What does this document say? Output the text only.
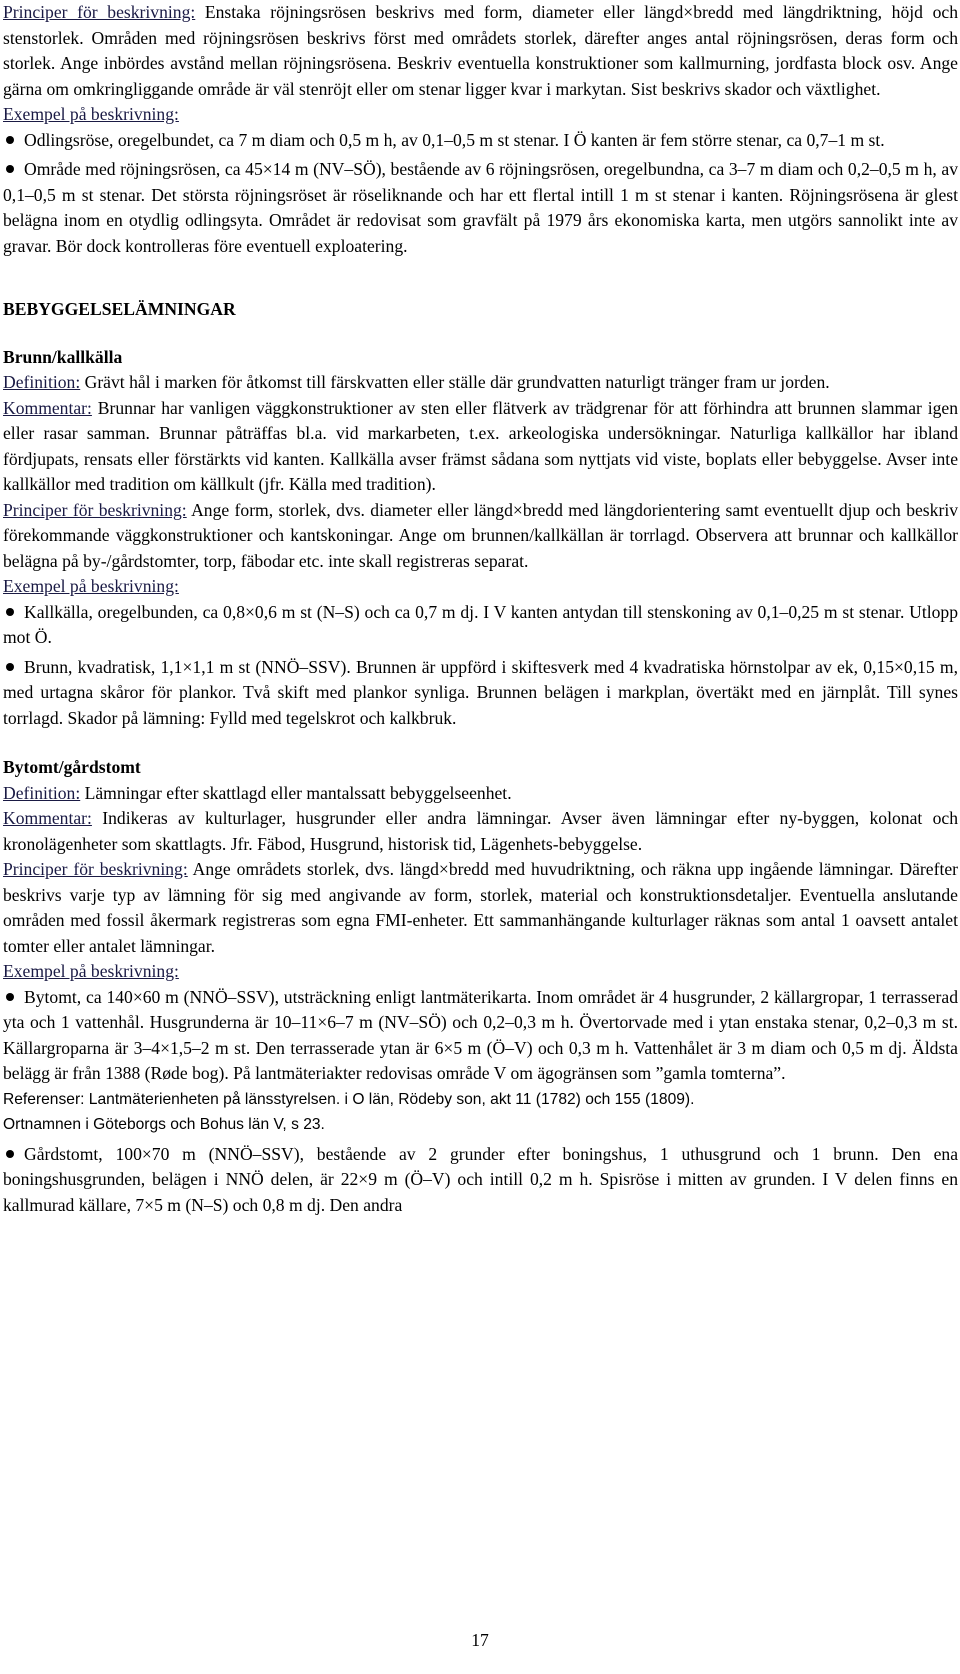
Principer för beskrivning: Enstaka röjningsrösen beskrivs med form, diameter eller längd×bredd med längdriktning, höjd och stenstorlek. Områden med röjningsrösen beskrivs först med områdets storlek, därefter anges antal röjningsrösen, deras form och storlek. Ange inbördes avstånd mellan röjningsrösena. Beskriv eventuella konstruktioner som kallmurning, jordfasta block osv. Ange gärna om omkringliggande område är väl stenröjt eller om stenar ligger kvar i markytan. Sist beskrivs skador och växtlighet.

Exempel på beskrivning:

Odlingsröse, oregelbundet, ca 7 m diam och 0,5 m h, av 0,1–0,5 m st stenar. I Ö kanten är fem större stenar, ca 0,7–1 m st.

Område med röjningsrösen, ca 45×14 m (NV–SÖ), bestående av 6 röjningsrösen, oregelbundna, ca 3–7 m diam och 0,2–0,5 m h, av 0,1–0,5 m st stenar. Det största röjningsröset är röseliknande och har ett flertal intill 1 m st stenar i kanten. Röjningsrösena är glest belägna inom en otydlig odlingsyta. Området är redovisat som gravfält på 1979 års ekonomiska karta, men utgörs sannolikt inte av gravar. Bör dock kontrolleras före eventuell exploatering.

BEBYGGELSELÄMNINGAR

Brunn/kallkälla

Definition: Grävt hål i marken för åtkomst till färskvatten eller ställe där grundvatten naturligt tränger fram ur jorden.

Kommentar: Brunnar har vanligen väggkonstruktioner av sten eller flätverk av trädgrenar för att förhindra att brunnen slammar igen eller rasar samman. Brunnar påträffas bl.a. vid markarbeten, t.ex. arkeologiska undersökningar. Naturliga kallkällor har ibland fördjupats, rensats eller förstärkts vid kanten. Kallkälla avser främst sådana som nyttjats vid viste, boplats eller bebyggelse. Avser inte kallkällor med tradition om källkult (jfr. Källa med tradition).

Principer för beskrivning: Ange form, storlek, dvs. diameter eller längd×bredd med längdorientering samt eventuellt djup och beskriv förekommande väggkonstruktioner och kantskoningar. Ange om brunnen/kallkällan är torrlagd. Observera att brunnar och kallkällor belägna på by-/gårdstomter, torp, fäbodar etc. inte skall registreras separat.

Exempel på beskrivning:

Kallkälla, oregelbunden, ca 0,8×0,6 m st (N–S) och ca 0,7 m dj. I V kanten antydan till stenskoning av 0,1–0,25 m st stenar. Utlopp mot Ö.

Brunn, kvadratisk, 1,1×1,1 m st (NNÖ–SSV). Brunnen är uppförd i skiftesverk med 4 kvadratiska hörnstolpar av ek, 0,15×0,15 m, med urtagna skåror för plankor. Två skift med plankor synliga. Brunnen belägen i markplan, övertäkt med en järnplåt. Till synes torrlagd. Skador på lämning: Fylld med tegelskrot och kalkbruk.

Bytomt/gårdstomt

Definition: Lämningar efter skattlagd eller mantalssatt bebyggelseenhet.

Kommentar: Indikeras av kulturlager, husgrunder eller andra lämningar. Avser även lämningar efter ny-byggen, kolonat och kronolägenheter som skattlagts. Jfr. Fäbod, Husgrund, historisk tid, Lägenhets-bebyggelse.

Principer för beskrivning: Ange områdets storlek, dvs. längd×bredd med huvudriktning, och räkna upp ingående lämningar. Därefter beskrivs varje typ av lämning för sig med angivande av form, storlek, material och konstruktionsdetaljer. Eventuella anslutande områden med fossil åkermark registreras som egna FMI-enheter. Ett sammanhängande kulturlager räknas som antal 1 oavsett antalet tomter eller antalet lämningar.

Exempel på beskrivning:

Bytomt, ca 140×60 m (NNÖ–SSV), utsträckning enligt lantmäterikarta. Inom området är 4 husgrunder, 2 källargropar, 1 terrasserad yta och 1 vattenhål. Husgrunderna är 10–11×6–7 m (NV–SÖ) och 0,2–0,3 m h. Övertorvade med i ytan enstaka stenar, 0,2–0,3 m st. Källargroparna är 3–4×1,5–2 m st. Den terrasserade ytan är 6×5 m (Ö–V) och 0,3 m h. Vattenhålet är 3 m diam och 0,5 m dj. Äldsta belägg är från 1388 (Røde bog). På lantmäteriakter redovisas område V om ägogränsen som ”gamla tomterna”.

Referenser: Lantmäterienheten på länsstyrelsen. i O län, Rödeby son, akt 11 (1782) och 155 (1809).

Ortnamnen i Göteborgs och Bohus län V, s 23.

Gårdstomt, 100×70 m (NNÖ–SSV), bestående av 2 grunder efter boningshus, 1 uthusgrund och 1 brunn. Den ena boningshusgrunden, belägen i NNÖ delen, är 22×9 m (Ö–V) och intill 0,2 m h. Spisröse i mitten av grunden. I V delen finns en kallmurad källare, 7×5 m (N–S) och 0,8 m dj. Den andra

17
